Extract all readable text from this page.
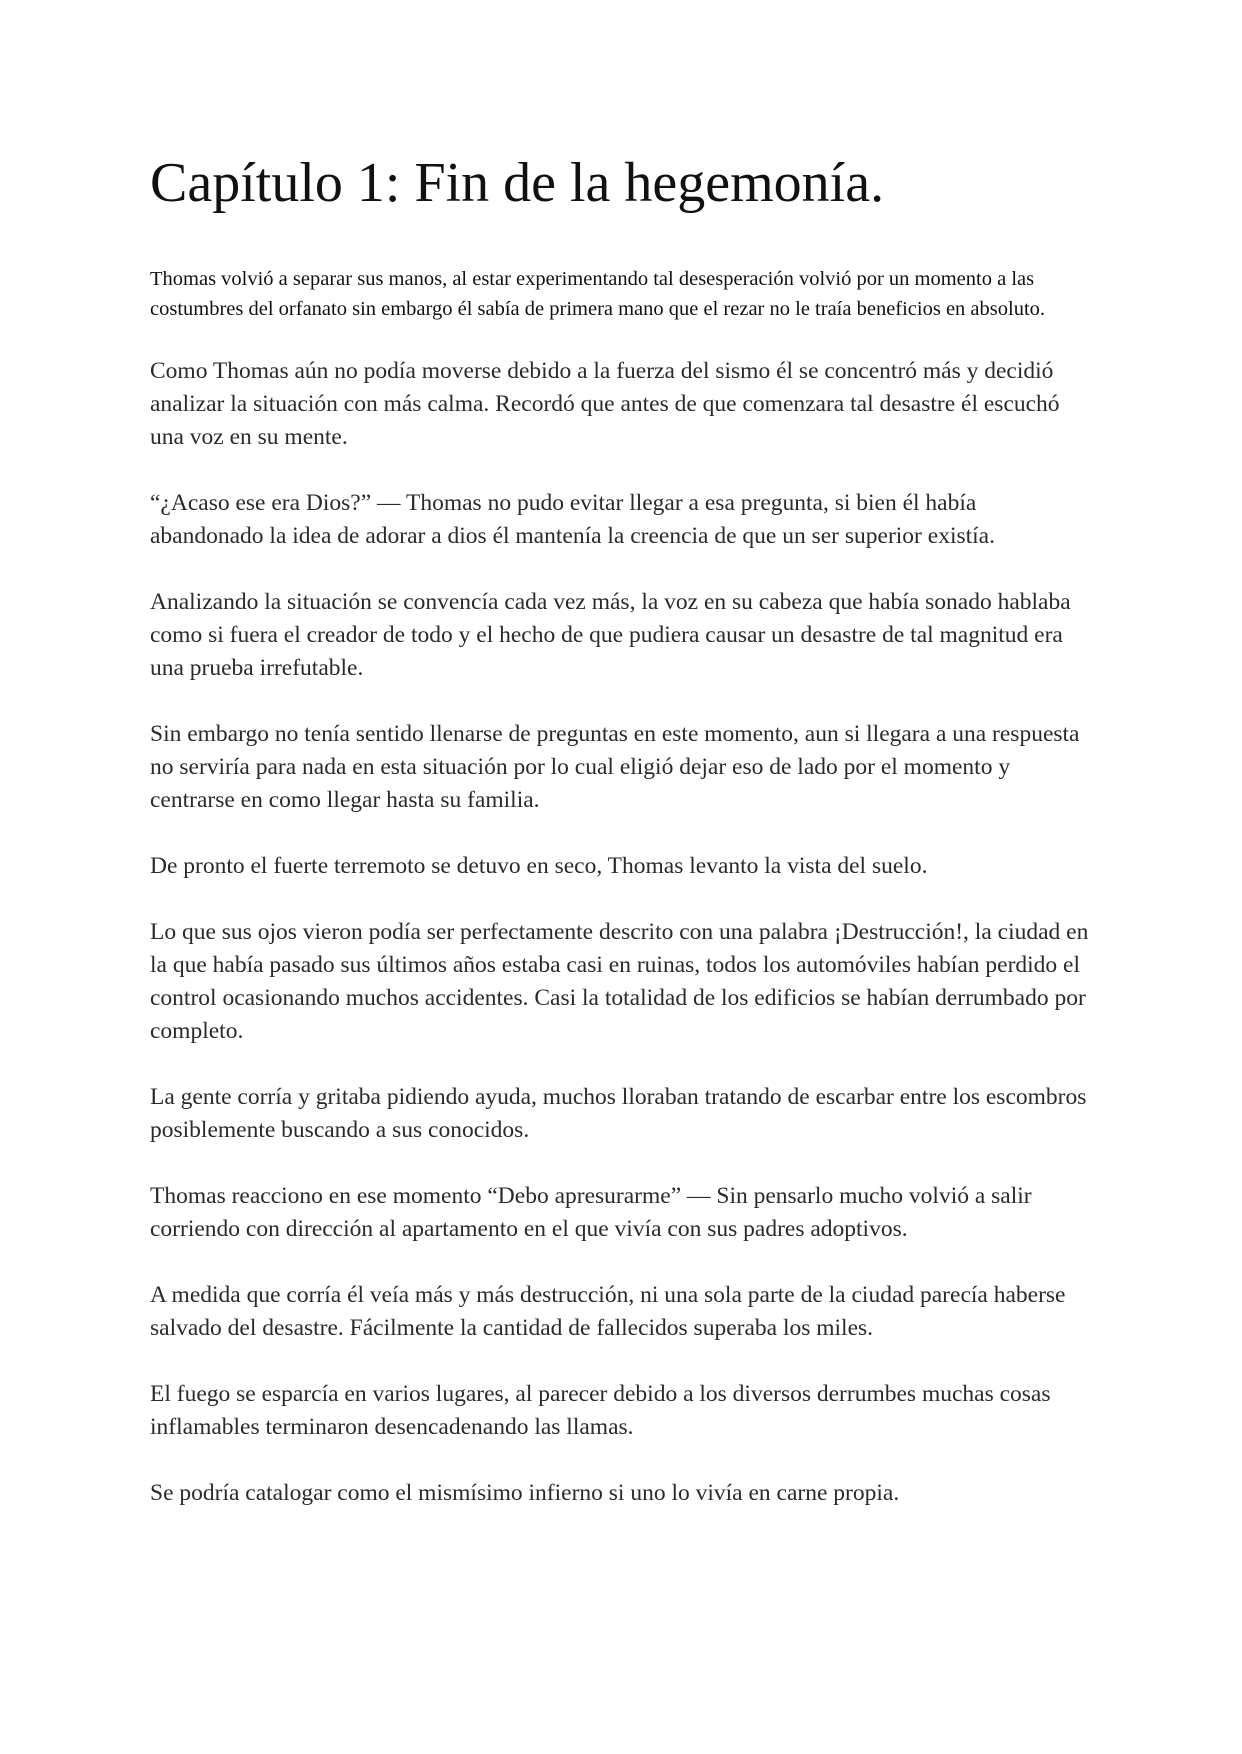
Capítulo 1: Fin de la hegemonía.

Thomas volvió a separar sus manos, al estar experimentando tal desesperación volvió por un momento a las costumbres del orfanato sin embargo él sabía de primera mano que el rezar no le traía beneficios en absoluto.

Como Thomas aún no podía moverse debido a la fuerza del sismo él se concentró más y decidió analizar la situación con más calma. Recordó que antes de que comenzara tal desastre él escuchó una voz en su mente.

“¿Acaso ese era Dios?” — Thomas no pudo evitar llegar a esa pregunta, si bien él había abandonado la idea de adorar a dios él mantenía la creencia de que un ser superior existía.

Analizando la situación se convencía cada vez más, la voz en su cabeza que había sonado hablaba como si fuera el creador de todo y el hecho de que pudiera causar un desastre de tal magnitud era una prueba irrefutable.

Sin embargo no tenía sentido llenarse de preguntas en este momento, aun si llegara a una respuesta no serviría para nada en esta situación por lo cual eligió dejar eso de lado por el momento y centrarse en como llegar hasta su familia.

De pronto el fuerte terremoto se detuvo en seco, Thomas levanto la vista del suelo.

Lo que sus ojos vieron podía ser perfectamente descrito con una palabra ¡Destrucción!, la ciudad en la que había pasado sus últimos años estaba casi en ruinas, todos los automóviles habían perdido el control ocasionando muchos accidentes. Casi la totalidad de los edificios se habían derrumbado por completo.

La gente corría y gritaba pidiendo ayuda, muchos lloraban tratando de escarbar entre los escombros posiblemente buscando a sus conocidos.

Thomas reacciono en ese momento “Debo apresurarme” — Sin pensarlo mucho volvió a salir corriendo con dirección al apartamento en el que vivía con sus padres adoptivos.

A medida que corría él veía más y más destrucción, ni una sola parte de la ciudad parecía haberse salvado del desastre. Fácilmente la cantidad de fallecidos superaba los miles.

El fuego se esparcía en varios lugares, al parecer debido a los diversos derrumbes muchas cosas inflamables terminaron desencadenando las llamas.

Se podría catalogar como el mismísimo infierno si uno lo vivía en carne propia.
